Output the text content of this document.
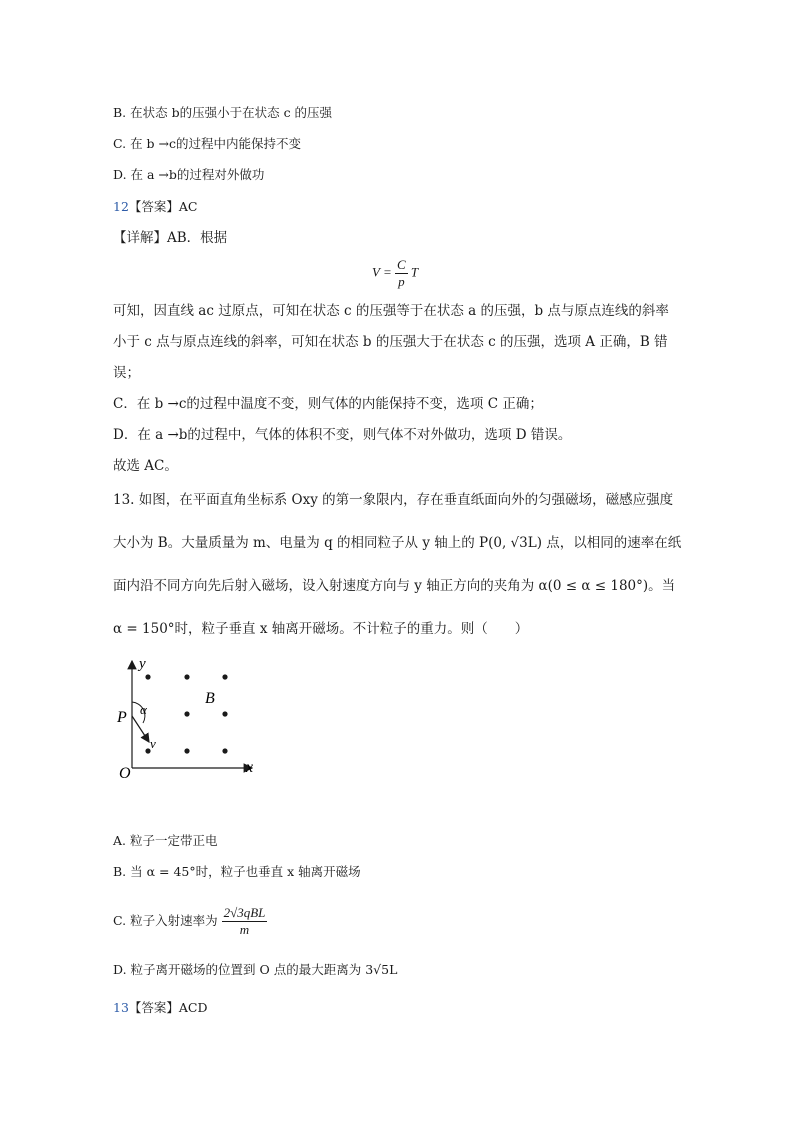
B. 在状态 b的压强小于在状态 c 的压强
C. 在 b →c的过程中内能保持不变
D. 在 a →b的过程对外做功
12【答案】AC
【详解】AB．根据
$V = \frac{C}{p}$ T
可知，因直线 ac 过原点，可知在状态 c 的压强等于在状态 a 的压强，b 点与原点连线的斜率
小于 c 点与原点连线的斜率，可知在状态 b 的压强大于在状态 c 的压强，选项 A 正确，B 错
误；
C．在 b →c的过程中温度不变，则气体的内能保持不变，选项 C 正确；
D．在 a →b的过程中，气体的体积不变，则气体不对外做功，选项 D 错误。
故选 AC。
13. 如图，在平面直角坐标系 Oxy 的第一象限内，存在垂直纸面向外的匀强磁场，磁感应强度
大小为 B。大量质量为 m、电量为 q 的相同粒子从 y 轴上的 P(0, √3L) 点，以相同的速率在纸
面内沿不同方向先后射入磁场，设入射速度方向与 y 轴正方向的夹角为 α(0 ≤ α ≤ 180°)。当
α = 150°时，粒子垂直 x 轴离开磁场。不计粒子的重力。则（　　）
y
x
O
P
B
α
v
A. 粒子一定带正电
B. 当 α = 45°时，粒子也垂直 x 轴离开磁场
C. 粒子入射速率为 $\frac{\text{2√3qBL}}{m}$
D. 粒子离开磁场的位置到 O 点的最大距离为 3√5L
13【答案】ACD
